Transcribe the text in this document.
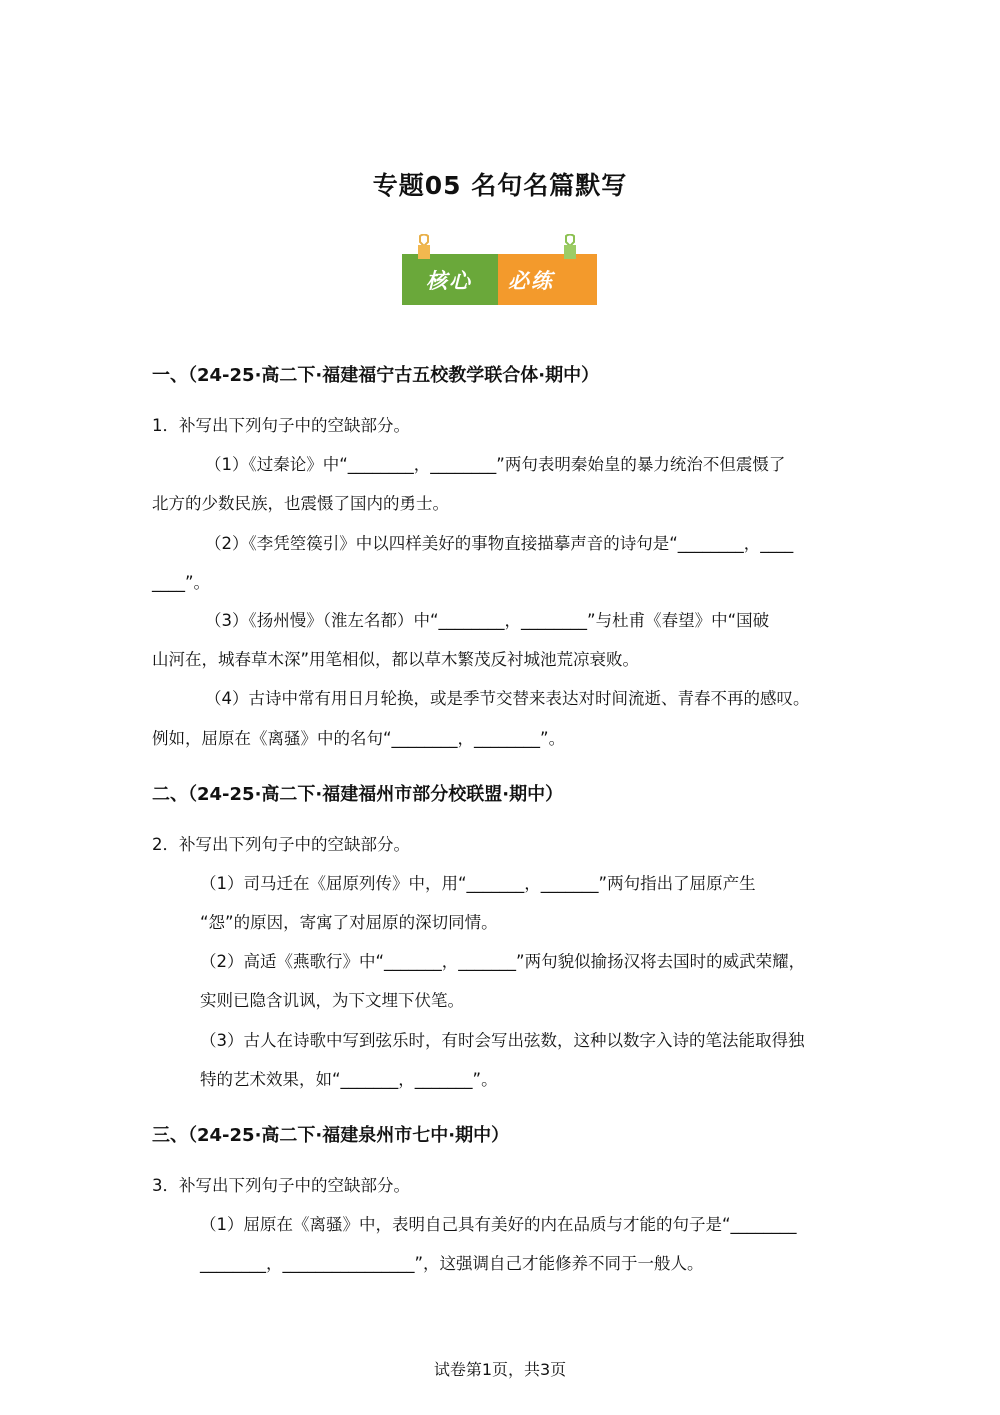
专题05 名句名篇默写
核心 必练
一、（24-25·高二下·福建福宁古五校教学联合体·期中）
1．补写出下列句子中的空缺部分。
（1）《过秦论》中“________，________”两句表明秦始皇的暴力统治不但震慑了
北方的少数民族，也震慑了国内的勇士。
（2）《李凭箜篌引》中以四样美好的事物直接描摹声音的诗句是“________，____
____”。
（3）《扬州慢》（淮左名都）中“________，________”与杜甫《春望》中“国破
山河在，城春草木深”用笔相似，都以草木繁茂反衬城池荒凉衰败。
（4）古诗中常有用日月轮换，或是季节交替来表达对时间流逝、青春不再的感叹。
例如，屈原在《离骚》中的名句“________，________”。
二、（24-25·高二下·福建福州市部分校联盟·期中）
2．补写出下列句子中的空缺部分。
（1）司马迁在《屈原列传》中，用“_______，_______”两句指出了屈原产生
“怨”的原因，寄寓了对屈原的深切同情。
（2）高适《燕歌行》中“_______，_______”两句貌似揄扬汉将去国时的威武荣耀，
实则已隐含讥讽，为下文埋下伏笔。
（3）古人在诗歌中写到弦乐时，有时会写出弦数，这种以数字入诗的笔法能取得独
特的艺术效果，如“_______，_______”。
三、（24-25·高二下·福建泉州市七中·期中）
3．补写出下列句子中的空缺部分。
（1）屈原在《离骚》中，表明自己具有美好的内在品质与才能的句子是“________
________，________________”，这强调自己才能修养不同于一般人。
试卷第1页，共3页
